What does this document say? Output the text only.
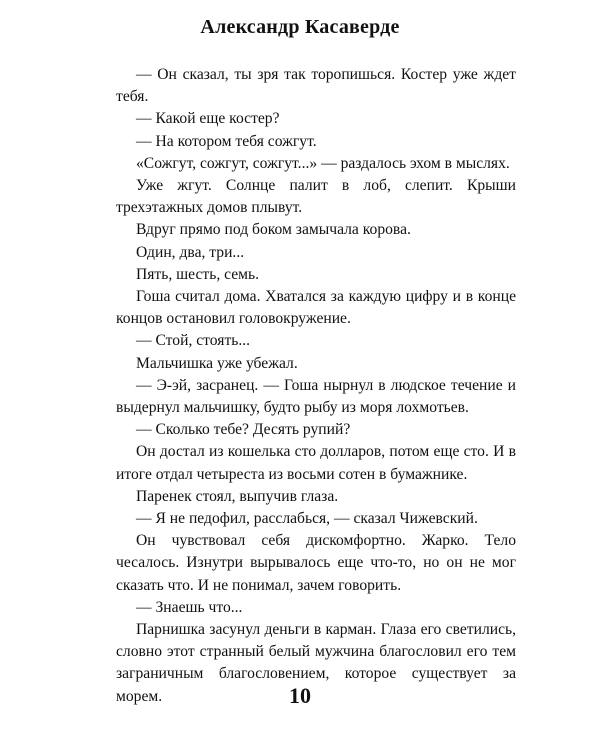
Александр Касаверде

— Он сказал, ты зря так торопишься. Костер уже ждет тебя.

— Какой еще костер?

— На котором тебя сожгут.

«Сожгут, сожгут, сожгут...» — раздалось эхом в мыслях.

Уже жгут. Солнце палит в лоб, слепит. Крыши трехэтажных домов плывут.

Вдруг прямо под боком замычала корова.

Один, два, три...

Пять, шесть, семь.

Гоша считал дома. Хватался за каждую цифру и в конце концов остановил головокружение.

— Стой, стоять...

Мальчишка уже убежал.

— Э-эй, засранец. — Гоша нырнул в людское течение и выдернул мальчишку, будто рыбу из моря лохмотьев.

— Сколько тебе? Десять рупий?

Он достал из кошелька сто долларов, потом еще сто. И в итоге отдал четыреста из восьми сотен в бумажнике.

Паренек стоял, выпучив глаза.

— Я не педофил, расслабься, — сказал Чижевский.

Он чувствовал себя дискомфортно. Жарко. Тело чесалось. Изнутри вырывалось еще что-то, но он не мог сказать что. И не понимал, зачем говорить.

— Знаешь что...

Парнишка засунул деньги в карман. Глаза его светились, словно этот странный белый мужчина благословил его тем заграничным благословением, которое существует за морем.	10
